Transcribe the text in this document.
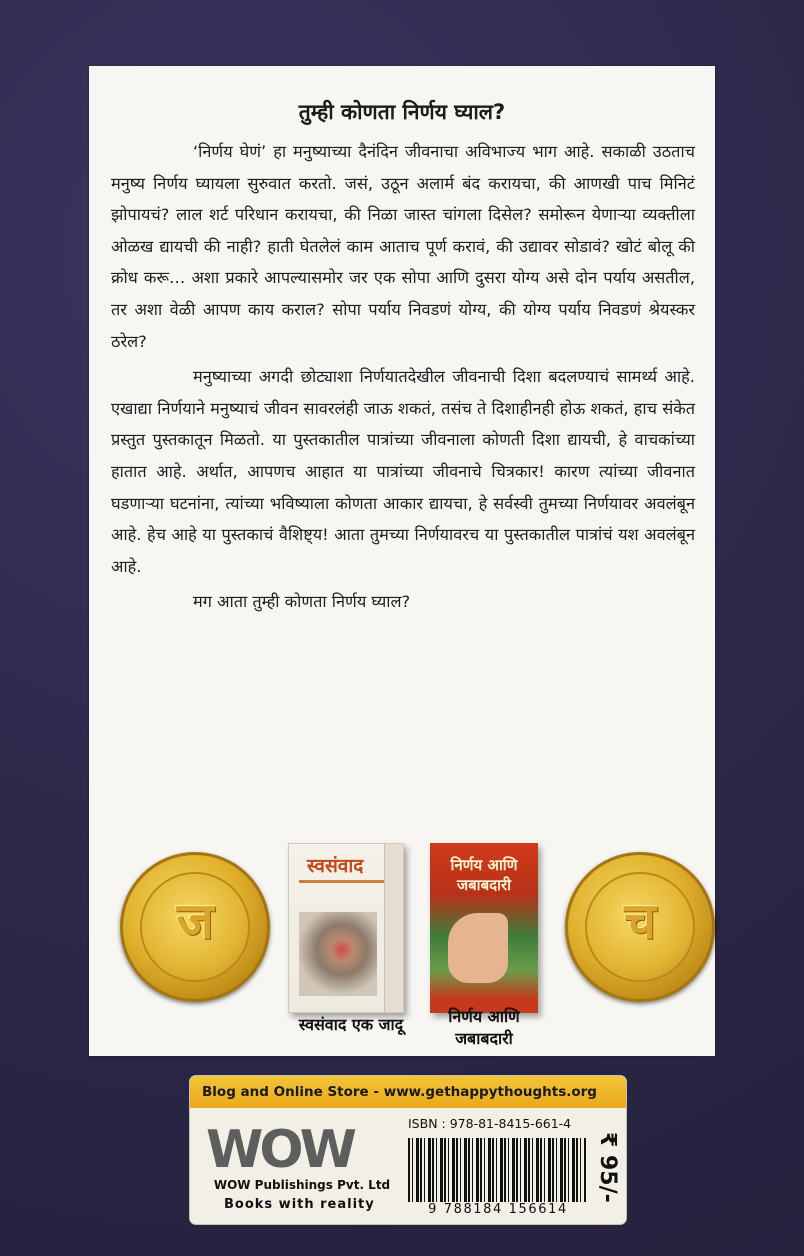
तुम्ही कोणता निर्णय घ्याल?

‘निर्णय घेणं’ हा मनुष्याच्या दैनंदिन जीवनाचा अविभाज्य भाग आहे. सकाळी उठताच मनुष्य निर्णय घ्यायला सुरुवात करतो. जसं, उठून अलार्म बंद करायचा, की आणखी पाच मिनिटं झोपायचं? लाल शर्ट परिधान करायचा, की निळा जास्त चांगला दिसेल? समोरून येणाऱ्या व्यक्तीला ओळख द्यायची की नाही? हाती घेतलेलं काम आताच पूर्ण करावं, की उद्यावर सोडावं? खोटं बोलू की क्रोध करू… अशा प्रकारे आपल्यासमोर जर एक सोपा आणि दुसरा योग्य असे दोन पर्याय असतील, तर अशा वेळी आपण काय कराल? सोपा पर्याय निवडणं योग्य, की योग्य पर्याय निवडणं श्रेयस्कर ठरेल?

मनुष्याच्या अगदी छोट्याशा निर्णयातदेखील जीवनाची दिशा बदलण्याचं सामर्थ्य आहे. एखाद्या निर्णयाने मनुष्याचं जीवन सावरलंही जाऊ शकतं, तसंच ते दिशाहीनही होऊ शकतं, हाच संकेत प्रस्तुत पुस्तकातून मिळतो. या पुस्तकातील पात्रांच्या जीवनाला कोणती दिशा द्यायची, हे वाचकांच्या हातात आहे. अर्थात, आपणच आहात या पात्रांच्या जीवनाचे चित्रकार! कारण त्यांच्या जीवनात घडणाऱ्या घटनांना, त्यांच्या भविष्याला कोणता आकार द्यायचा, हे सर्वस्वी तुमच्या निर्णयावर अवलंबून आहे. हेच आहे या पुस्तकाचं वैशिष्ट्य! आता तुमच्या निर्णयावरच या पुस्तकातील पात्रांचं यश अवलंबून आहे.

मग आता तुम्ही कोणता निर्णय घ्याल?

ज	च
स्वसंवाद	निर्णय आणि जबाबदारी
स्वसंवाद एक जादू	निर्णय आणि
जबाबदारी
Blog and Online Store - www.gethappythoughts.org
WOW
WOW Publishings Pvt. Ltd
Books with reality
ISBN : 978-81-8415-661-4
9 788184 156614
₹ 95/-
